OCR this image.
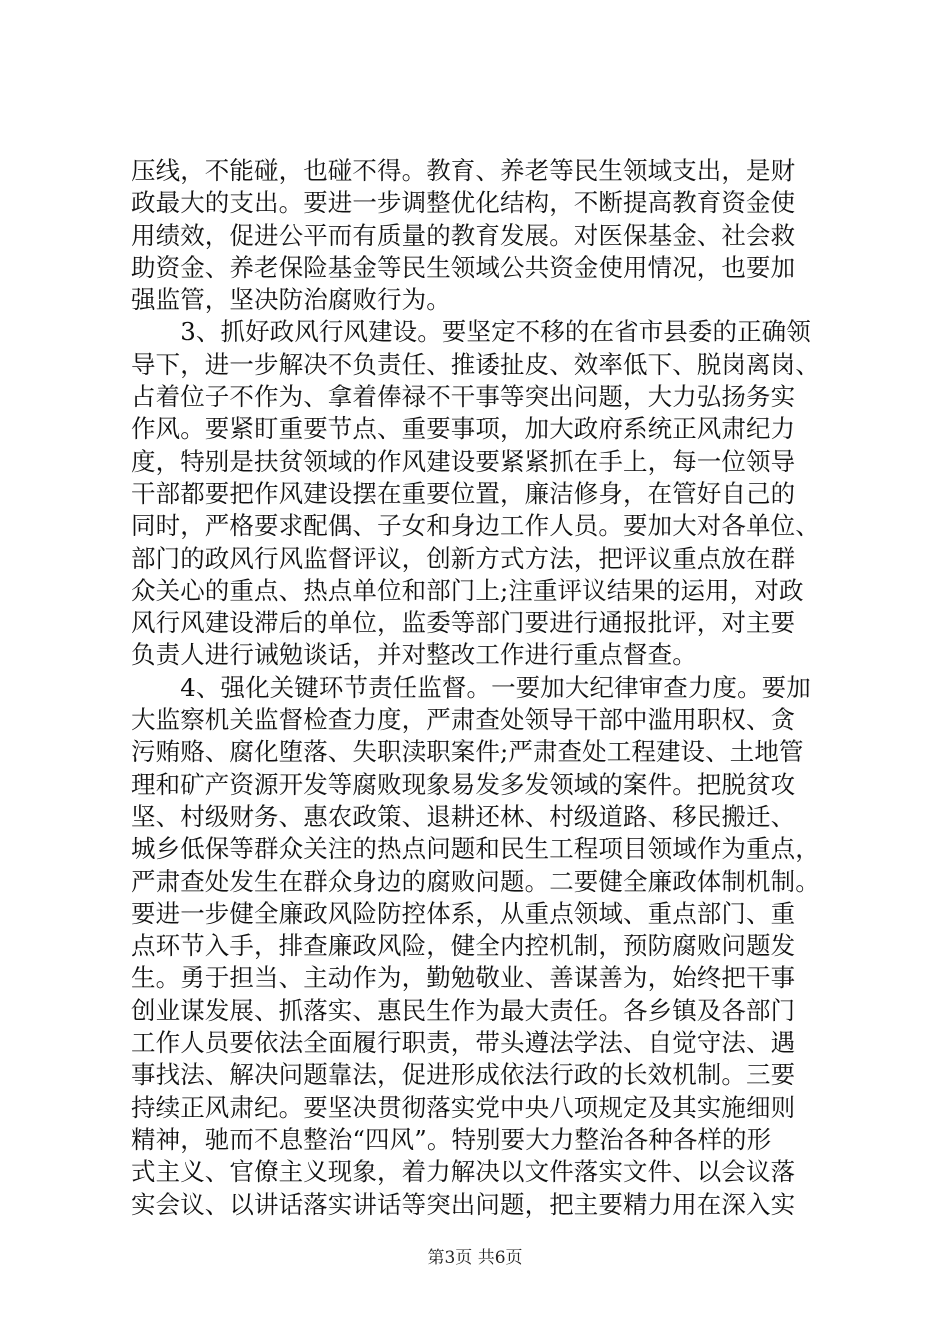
压线，不能碰，也碰不得。教育、养老等民生领域支出，是财
政最大的支出。要进一步调整优化结构，不断提高教育资金使
用绩效，促进公平而有质量的教育发展。对医保基金、社会救
助资金、养老保险基金等民生领域公共资金使用情况，也要加
强监管，坚决防治腐败行为。
　　3、抓好政风行风建设。要坚定不移的在省市县委的正确领
导下，进一步解决不负责任、推诿扯皮、效率低下、脱岗离岗、
占着位子不作为、拿着俸禄不干事等突出问题，大力弘扬务实
作风。要紧盯重要节点、重要事项，加大政府系统正风肃纪力
度，特别是扶贫领域的作风建设要紧紧抓在手上，每一位领导
干部都要把作风建设摆在重要位置，廉洁修身，在管好自己的
同时，严格要求配偶、子女和身边工作人员。要加大对各单位、
部门的政风行风监督评议，创新方式方法，把评议重点放在群
众关心的重点、热点单位和部门上;注重评议结果的运用，对政
风行风建设滞后的单位，监委等部门要进行通报批评，对主要
负责人进行诫勉谈话，并对整改工作进行重点督查。
　　4、强化关键环节责任监督。一要加大纪律审查力度。要加
大监察机关监督检查力度，严肃查处领导干部中滥用职权、贪
污贿赂、腐化堕落、失职渎职案件;严肃查处工程建设、土地管
理和矿产资源开发等腐败现象易发多发领域的案件。把脱贫攻
坚、村级财务、惠农政策、退耕还林、村级道路、移民搬迁、
城乡低保等群众关注的热点问题和民生工程项目领域作为重点，
严肃查处发生在群众身边的腐败问题。二要健全廉政体制机制。
要进一步健全廉政风险防控体系，从重点领域、重点部门、重
点环节入手，排查廉政风险，健全内控机制，预防腐败问题发
生。勇于担当、主动作为，勤勉敬业、善谋善为，始终把干事
创业谋发展、抓落实、惠民生作为最大责任。各乡镇及各部门
工作人员要依法全面履行职责，带头遵法学法、自觉守法、遇
事找法、解决问题靠法，促进形成依法行政的长效机制。三要
持续正风肃纪。要坚决贯彻落实党中央八项规定及其实施细则
精神，驰而不息整治“四风”。特别要大力整治各种各样的形
式主义、官僚主义现象，着力解决以文件落实文件、以会议落
实会议、以讲话落实讲话等突出问题，把主要精力用在深入实
第3页 共6页
